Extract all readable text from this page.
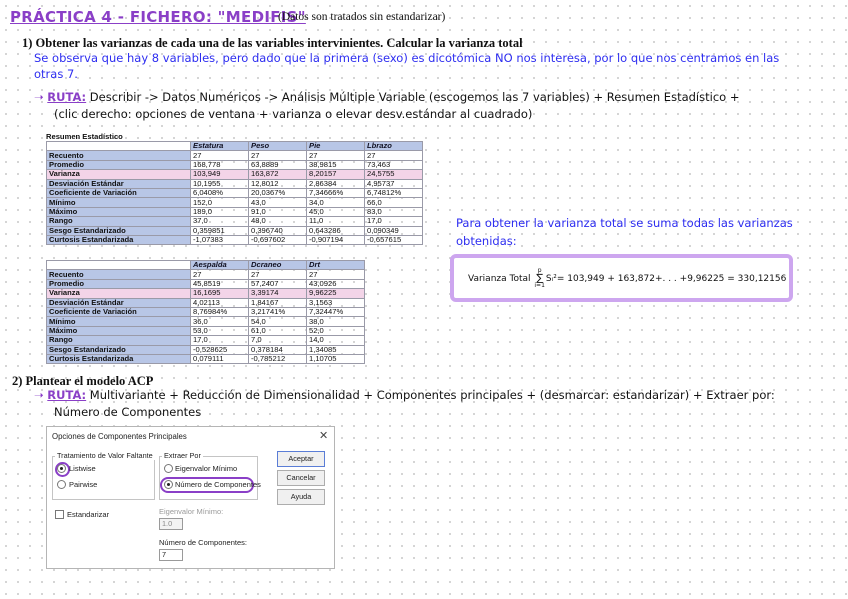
PRÁCTICA 4 - FICHERO: "MEDIFIS"
(Datos son tratados sin estandarizar)
1) Obtener las varianzas de cada una de las variables intervinientes. Calcular la varianza total
Se observa que hay 8 variables, pero dado que la primera (sexo) es dicotómica NO nos interesa, por lo que nos centramos en las
otras 7.
➝ RUTA: Describir -> Datos Numéricos -> Análisis Múltiple Variable (escogemos las 7 variables) + Resumen Estadístico +
(clic derecho: opciones de ventana + varianza o elevar desv.estándar al cuadrado)
Resumen Estadístico
	Estatura	Peso	Pie	Lbrazo
Recuento	27	27	27	27
Promedio	168,778	63,8889	38,9815	73,463
Varianza	103,949	163,872	8,20157	24,5755
Desviación Estándar	10,1955	12,8012	2,86384	4,95737
Coeficiente de Variación	6,0408%	20,0367%	7,34666%	6,74812%
Mínimo	152,0	43,0	34,0	66,0
Máximo	189,0	91,0	45,0	83,0
Rango	37,0	48,0	11,0	17,0
Sesgo Estandarizado	0,359851	0,396740	0,643286	0,090349
Curtosis Estandarizada	-1,07383	-0,697602	-0,907194	-0,657615
	Aespalda	Dcraneo	Drt
Recuento	27	27	27
Promedio	45,8519	57,2407	43,0926
Varianza	16,1695	3,39174	9,96225
Desviación Estándar	4,02113	1,84167	3,1563
Coeficiente de Variación	8,76984%	3,21741%	7,32447%
Mínimo	36,0	54,0	38,0
Máximo	53,0	61,0	52,0
Rango	17,0	7,0	14,0
Sesgo Estandarizado	-0,528625	0,378184	1,34085
Curtosis Estandarizada	0,079111	-0,785212	1,10705
Para obtener la varianza total se suma todas las varianzas obtenidas:
Varianza Total p
∑
i=1Sᵢ²= 103,949 + 163,872+. . . +9,96225 = 330,12156
2) Plantear el modelo ACP
➝ RUTA: Multivariante + Reducción de Dimensionalidad + Componentes principales + (desmarcar: estandarizar) + Extraer por:
Número de Componentes
Opciones de Componentes Principales	✕
Tratamiento de Valor Faltante
Listwise
Pairwise
Extraer Por
Eigenvalor Mínimo
Número de Componentes
Aceptar
Cancelar
Ayuda
Estandarizar	Eigenvalor Mínimo:
1.0
Número de Componentes:
7
